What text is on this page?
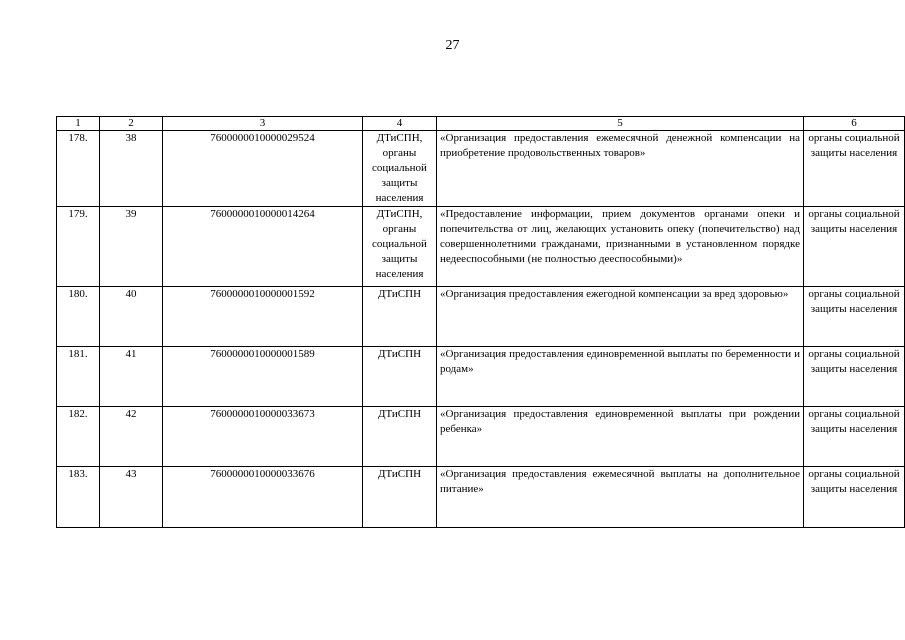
27
1	2	3	4	5	6
178.	38	7600000010000029524	ДТиСПН, органы социальной защиты населения	«Организация предоставления ежемесячной денежной компенсации на приобретение продовольственных товаров»	органы социальной защиты населения
179.	39	7600000010000014264	ДТиСПН, органы социальной защиты населения	«Предоставление информации, прием документов органами опеки и попечительства от лиц, желающих установить опеку (попечительство) над совершеннолетними гражданами, признанными в установленном порядке недееспособными (не полностью дееспособными)»	органы социальной защиты населения
180.	40	7600000010000001592	ДТиСПН	«Организация предоставления ежегодной компенсации за вред здоровью»	органы социальной защиты населения
181.	41	7600000010000001589	ДТиСПН	«Организация предоставления единовременной выплаты по беременности и родам»	органы социальной защиты населения
182.	42	7600000010000033673	ДТиСПН	«Организация предоставления единовременной выплаты при рождении ребенка»	органы социальной защиты населения
183.	43	7600000010000033676	ДТиСПН	«Организация предоставления ежемесячной выплаты на дополнительное питание»	органы социальной защиты населения
